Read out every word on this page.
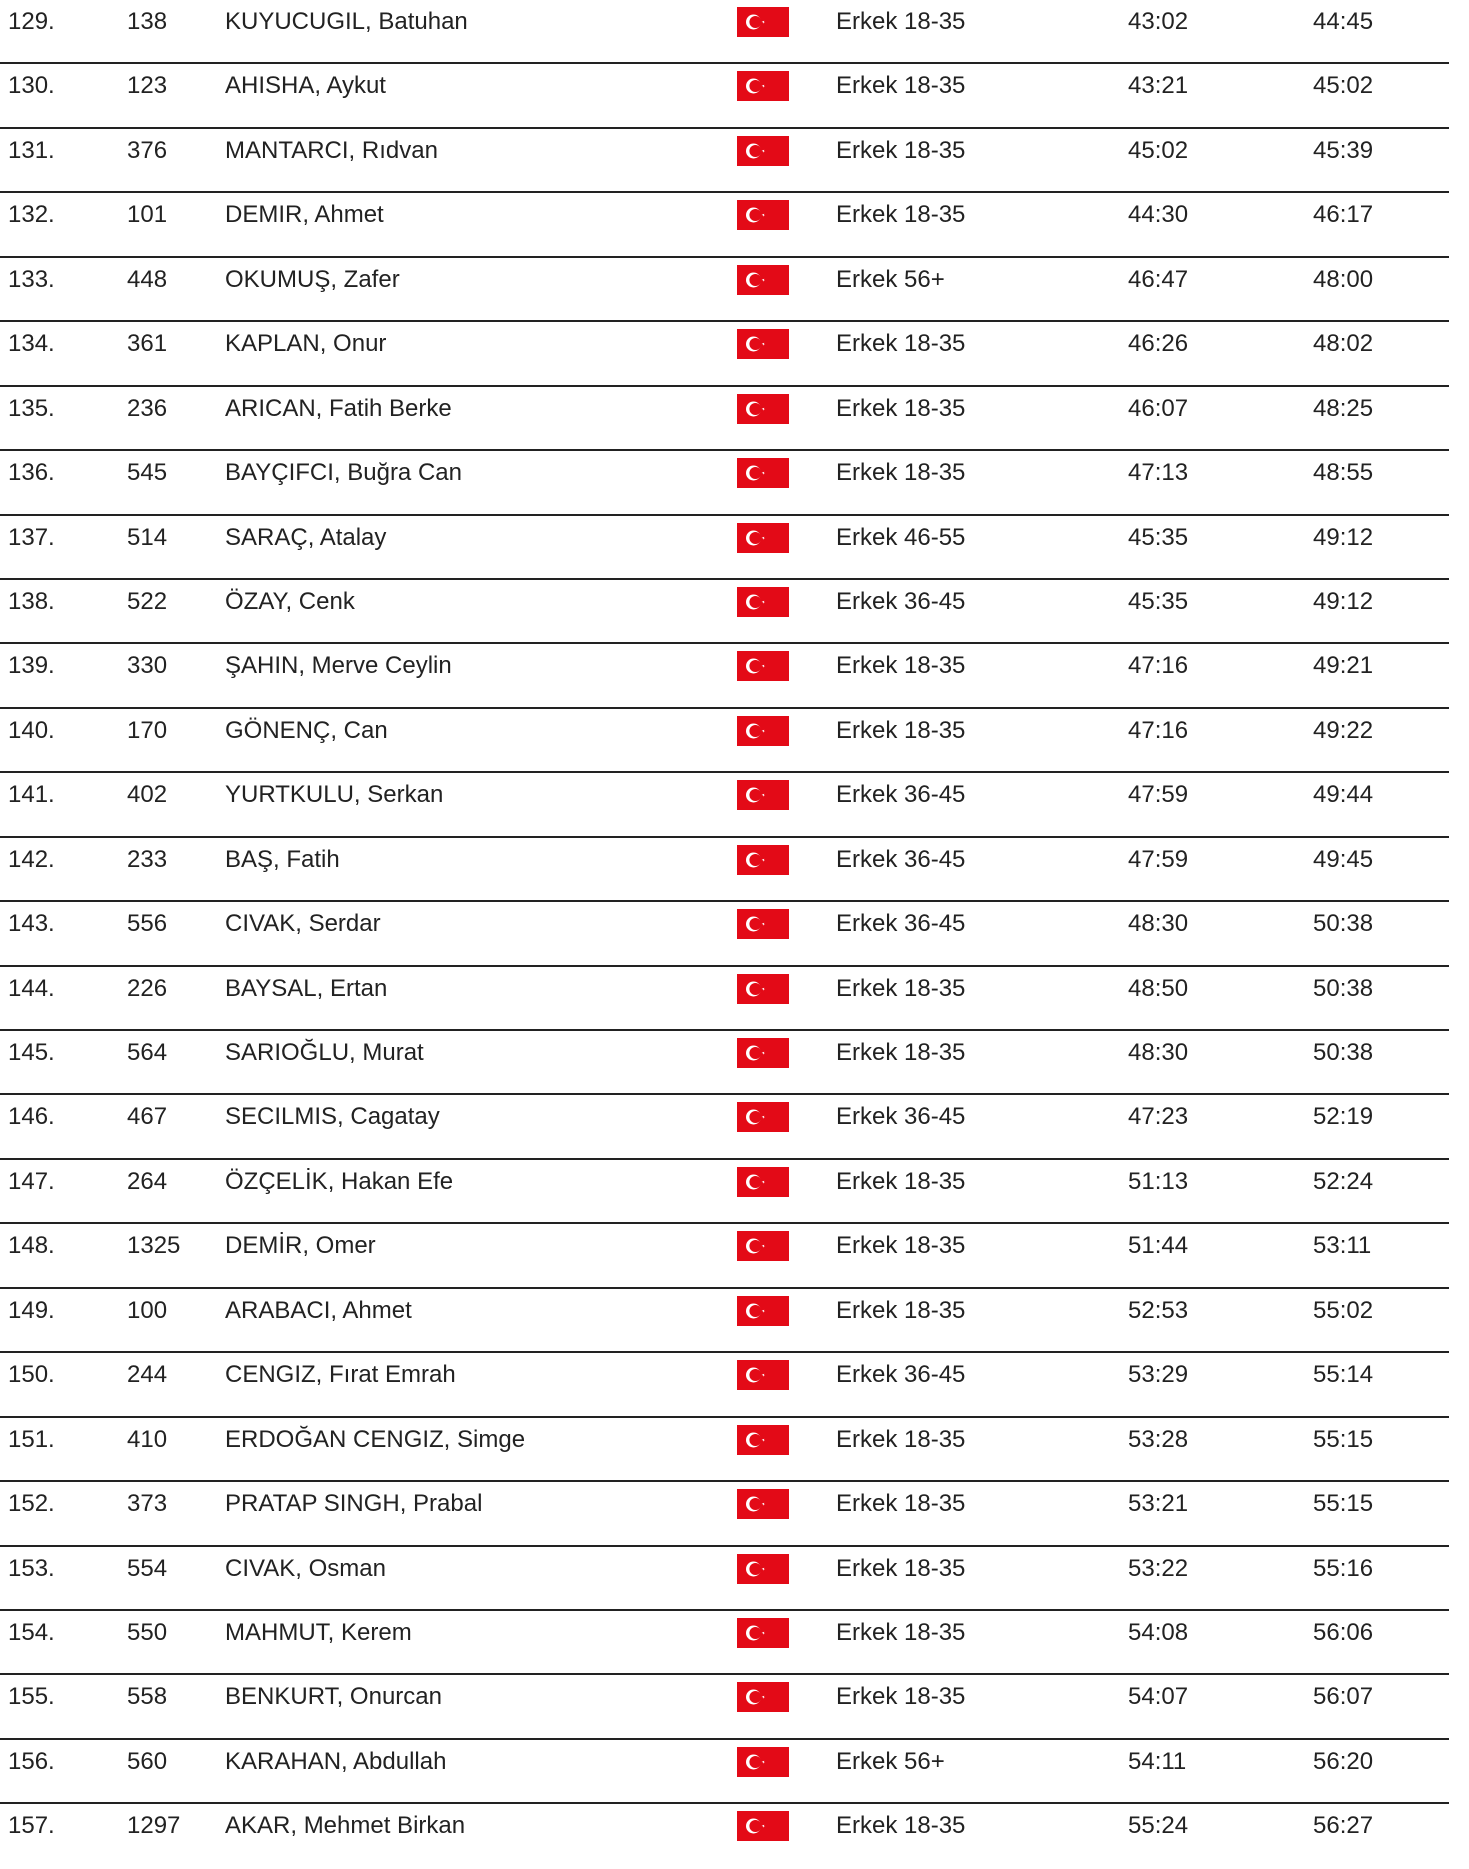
129.	138 KUYUCUGIL, Batuhan	Erkek 18-35	43:02	44:45
130.	123 AHISHA, Aykut	Erkek 18-35	43:21	45:02
131.	376 MANTARCI, Rıdvan	Erkek 18-35	45:02	45:39
132.	101 DEMIR, Ahmet	Erkek 18-35	44:30	46:17
133.	448 OKUMUŞ, Zafer	Erkek 56+	46:47	48:00
134.	361 KAPLAN, Onur	Erkek 18-35	46:26	48:02
135.	236 ARICAN, Fatih Berke	Erkek 18-35	46:07	48:25
136.	545 BAYÇIFCI, Buğra Can	Erkek 18-35	47:13	48:55
137.	514 SARAÇ, Atalay	Erkek 46-55	45:35	49:12
138.	522 ÖZAY, Cenk	Erkek 36-45	45:35	49:12
139.	330 ŞAHIN, Merve Ceylin	Erkek 18-35	47:16	49:21
140.	170 GÖNENÇ, Can	Erkek 18-35	47:16	49:22
141.	402 YURTKULU, Serkan	Erkek 36-45	47:59	49:44
142.	233 BAŞ, Fatih	Erkek 36-45	47:59	49:45
143.	556 CIVAK, Serdar	Erkek 36-45	48:30	50:38
144.	226 BAYSAL, Ertan	Erkek 18-35	48:50	50:38
145.	564 SARIOĞLU, Murat	Erkek 18-35	48:30	50:38
146.	467 SECILMIS, Cagatay	Erkek 36-45	47:23	52:19
147.	264 ÖZÇELİK, Hakan Efe	Erkek 18-35	51:13	52:24
148.	1325 DEMİR, Omer	Erkek 18-35	51:44	53:11
149.	100 ARABACI, Ahmet	Erkek 18-35	52:53	55:02
150.	244 CENGIZ, Fırat Emrah	Erkek 36-45	53:29	55:14
151.	410 ERDOĞAN CENGIZ, Simge	Erkek 18-35	53:28	55:15
152.	373 PRATAP SINGH, Prabal	Erkek 18-35	53:21	55:15
153.	554 CIVAK, Osman	Erkek 18-35	53:22	55:16
154.	550 MAHMUT, Kerem	Erkek 18-35	54:08	56:06
155.	558 BENKURT, Onurcan	Erkek 18-35	54:07	56:07
156.	560 KARAHAN, Abdullah	Erkek 56+	54:11	56:20
157.	1297 AKAR, Mehmet Birkan	Erkek 18-35	55:24	56:27
